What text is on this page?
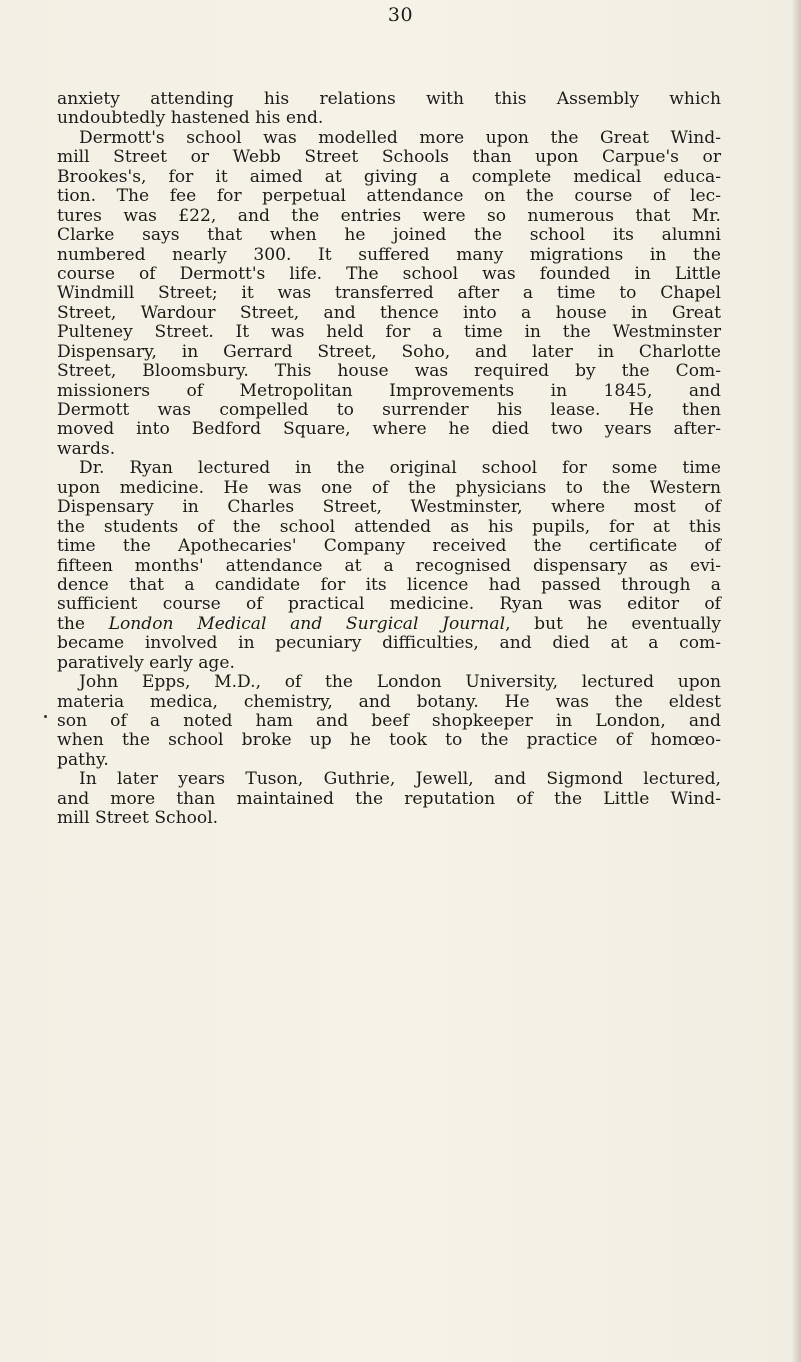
30
anxiety attending his relations with this Assembly which
undoubtedly hastened his end.
Dermott's school was modelled more upon the Great Wind-
mill Street or Webb Street Schools than upon Carpue's or
Brookes's, for it aimed at giving a complete medical educa-
tion. The fee for perpetual attendance on the course of lec-
tures was £22, and the entries were so numerous that Mr.
Clarke says that when he joined the school its alumni
numbered nearly 300. It suffered many migrations in the
course of Dermott's life. The school was founded in Little
Windmill Street; it was transferred after a time to Chapel
Street, Wardour Street, and thence into a house in Great
Pulteney Street. It was held for a time in the Westminster
Dispensary, in Gerrard Street, Soho, and later in Charlotte
Street, Bloomsbury. This house was required by the Com-
missioners of Metropolitan Improvements in 1845, and
Dermott was compelled to surrender his lease. He then
moved into Bedford Square, where he died two years after-
wards.
Dr. Ryan lectured in the original school for some time
upon medicine. He was one of the physicians to the Western
Dispensary in Charles Street, Westminster, where most of
the students of the school attended as his pupils, for at this
time the Apothecaries' Company received the certificate of
fifteen months' attendance at a recognised dispensary as evi-
dence that a candidate for its licence had passed through a
sufficient course of practical medicine. Ryan was editor of
the London Medical and Surgical Journal, but he eventually
became involved in pecuniary difficulties, and died at a com-
paratively early age.
John Epps, M.D., of the London University, lectured upon
materia medica, chemistry, and botany. He was the eldest
son of a noted ham and beef shopkeeper in London, and
when the school broke up he took to the practice of homœo-
pathy.
In later years Tuson, Guthrie, Jewell, and Sigmond lectured,
and more than maintained the reputation of the Little Wind-
mill Street School.
